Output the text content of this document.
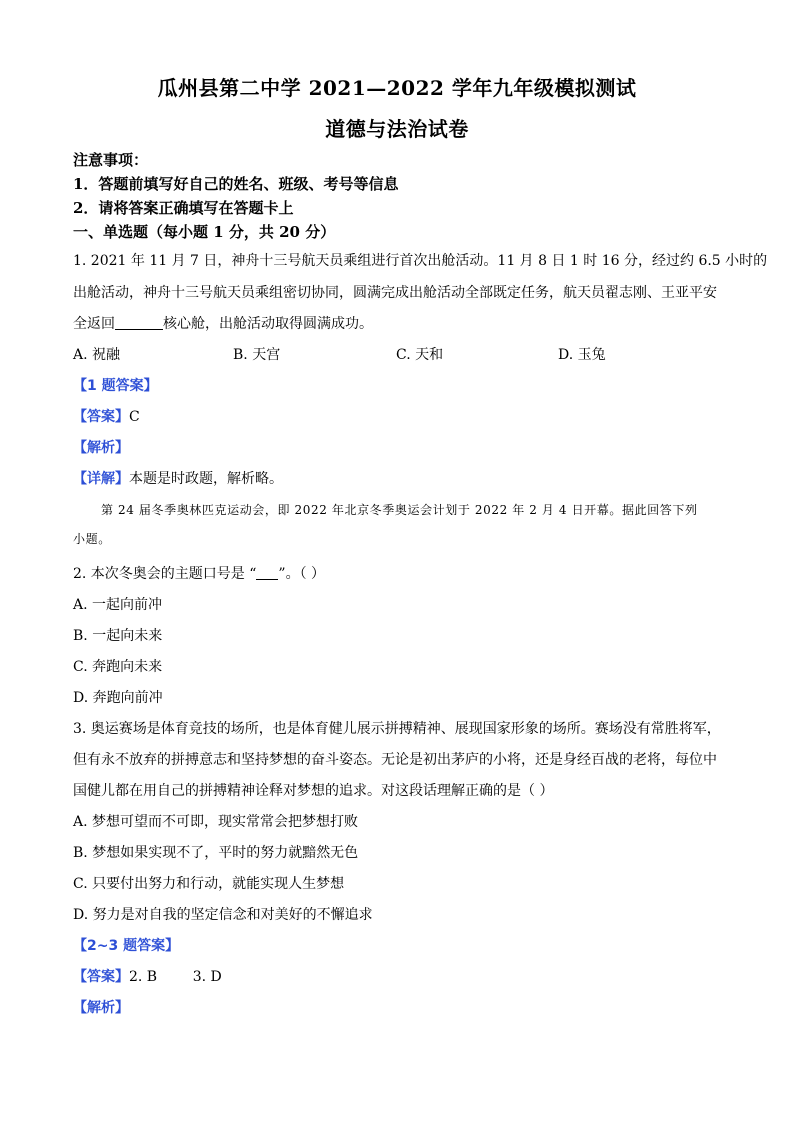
瓜州县第二中学 2021—2022 学年九年级模拟测试
道德与法治试卷
注意事项：
1．答题前填写好自己的姓名、班级、考号等信息
2．请将答案正确填写在答题卡上
一、单选题（每小题 1 分，共 20 分）
1. 2021 年 11 月 7 日，神舟十三号航天员乘组进行首次出舱活动。11 月 8 日 1 时 16 分，经过约 6.5 小时的
出舱活动，神舟十三号航天员乘组密切协同，圆满完成出舱活动全部既定任务，航天员翟志刚、王亚平安
全返回	核心舱，出舱活动取得圆满成功。
A. 祝融	B. 天宫	C. 天和	D. 玉兔
【1 题答案】
【答案】C
【解析】
【详解】本题是时政题，解析略。
第 24 届冬季奥林匹克运动会，即 2022 年北京冬季奥运会计划于 2022 年 2 月 4 日开幕。据此回答下列
小题。
2. 本次冬奥会的主题口号是 “ ”。（ ）
A. 一起向前冲
B. 一起向未来
C. 奔跑向未来
D. 奔跑向前冲
3. 奥运赛场是体育竞技的场所，也是体育健儿展示拼搏精神、展现国家形象的场所。赛场没有常胜将军，
但有永不放弃的拼搏意志和坚持梦想的奋斗姿态。无论是初出茅庐的小将，还是身经百战的老将，每位中
国健儿都在用自己的拼搏精神诠释对梦想的追求。对这段话理解正确的是（ ）
A. 梦想可望而不可即，现实常常会把梦想打败
B. 梦想如果实现不了，平时的努力就黯然无色
C. 只要付出努力和行动，就能实现人生梦想
D. 努力是对自我的坚定信念和对美好的不懈追求
【2~3 题答案】
【答案】2. B        3. D
【解析】
